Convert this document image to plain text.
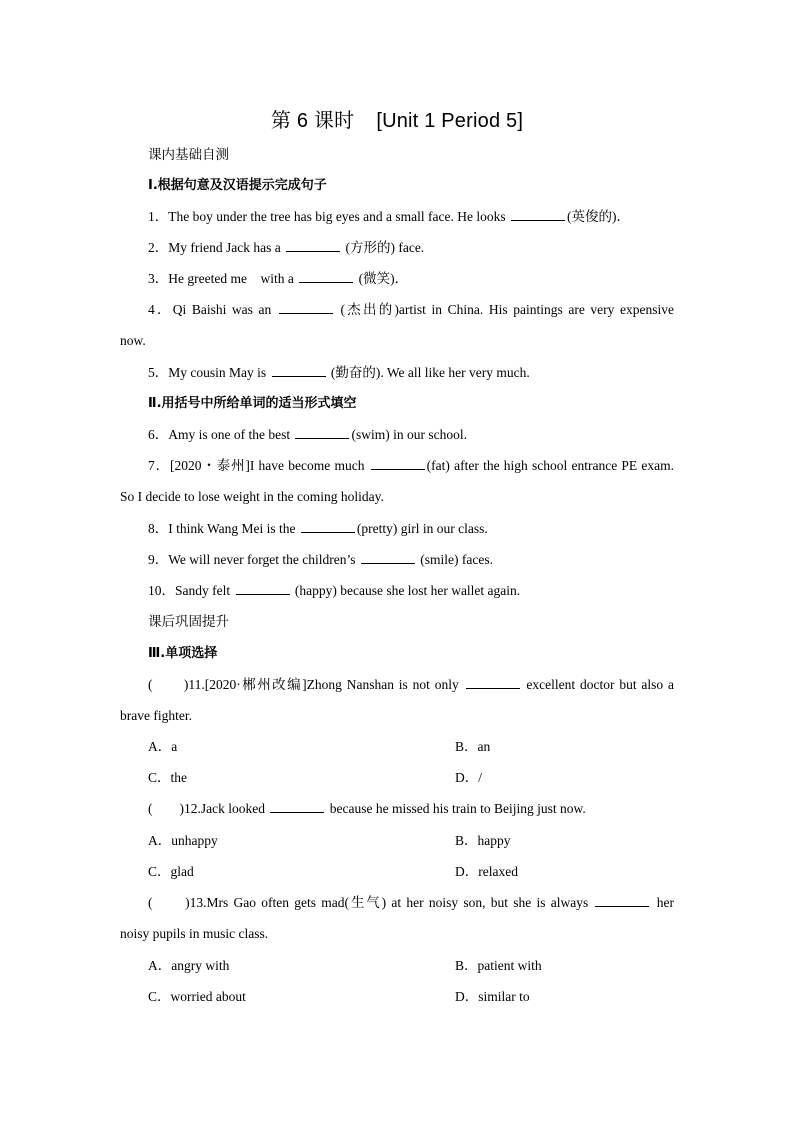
第 6 课时 [Unit 1 Period 5]
课内基础自测
Ⅰ.根据句意及汉语提示完成句子
1．The boy under the tree has big eyes and a small face. He looks	(英俊的)．
2．My friend Jack has a	(方形的) face.
3．He greeted me    with a	(微笑)．
4．Qi Baishi was an	(杰出的)artist in China. His paintings are very expensive
now.
5．My cousin May is	(勤奋的). We all like her very much.
Ⅱ.用括号中所给单词的适当形式填空
6．Amy is one of the best	(swim) in our school.
7．[2020・泰州]I have become much	(fat) after the high school entrance PE exam.
So I decide to lose weight in the coming holiday.
8．I think Wang Mei is the	(pretty) girl in our class.
9．We will never forget the children’s	(smile) faces.
10．Sandy felt	(happy) because she lost her wallet again.
课后巩固提升
Ⅲ.单项选择
(　　)11.[2020·郴州改编]Zhong Nanshan is not only	excellent doctor but also a
brave fighter.
A．a	B．an
C．the	D．/
(　　)12.Jack looked	because he missed his train to Beijing just now.
A．unhappy	B．happy
C．glad	D．relaxed
(　　)13.Mrs Gao often gets mad(生气) at her noisy son, but she is always	her
noisy pupils in music class.
A．angry with	B．patient with
C．worried about	D．similar to
